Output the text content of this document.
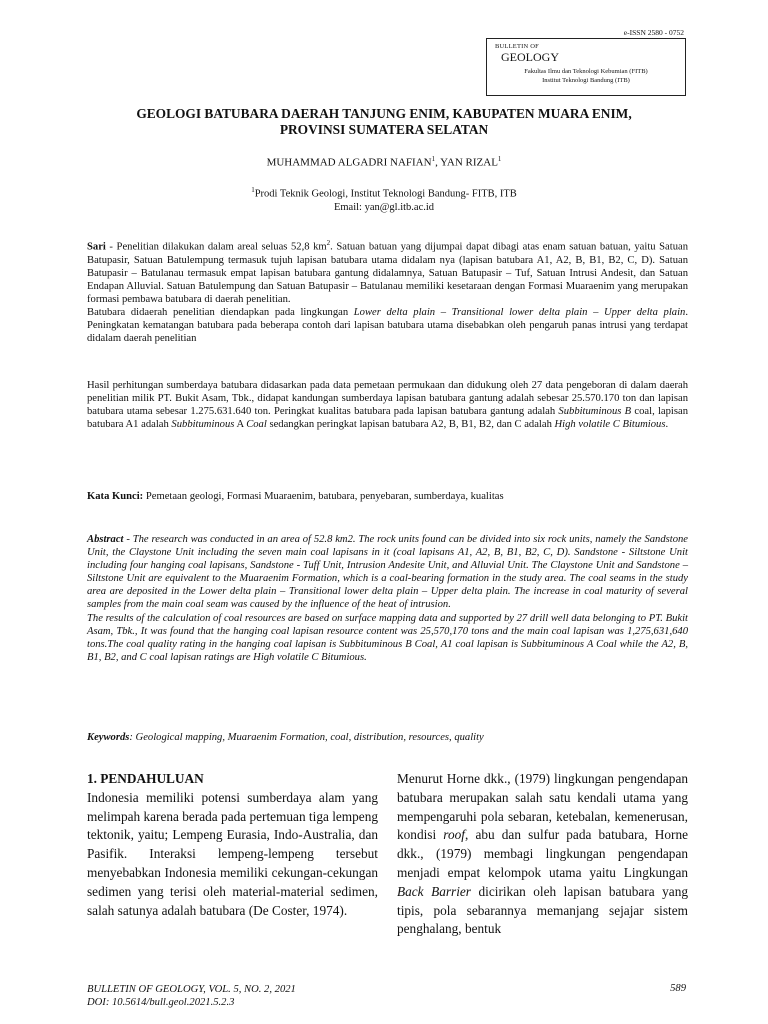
e-ISSN 2580 - 0752
BULLETIN OF
GEOLOGY
Fakultas Ilmu dan Teknologi Kebumian (FITB)
Institut Teknologi Bandung (ITB)
GEOLOGI BATUBARA DAERAH TANJUNG ENIM, KABUPATEN MUARA ENIM,
PROVINSI SUMATERA SELATAN
MUHAMMAD ALGADRI NAFIAN$^1$, YAN RIZAL$^1$
$^1$Prodi Teknik Geologi, Institut Teknologi Bandung- FITB, ITB
Email: yan@gl.itb.ac.id

Sari - Penelitian dilakukan dalam areal seluas 52,8 $km^2$. Satuan batuan yang dijumpai dapat dibagi atas enam satuan batuan, yaitu Satuan Batupasir, Satuan Batulempung termasuk tujuh lapisan batubara utama didalam nya (lapisan batubara A1, A2, B, B1, B2, C, D). Satuan Batupasir – Batulanau termasuk empat lapisan batubara gantung didalamnya, Satuan Batupasir – Tuf, Satuan Intrusi Andesit, dan Satuan Endapan Alluvial. Satuan Batulempung dan Satuan Batupasir – Batulanau memiliki kesetaraan dengan Formasi Muaraenim yang merupakan formasi pembawa batubara di daerah penelitian.

Batubara didaerah penelitian diendapkan pada lingkungan Lower delta plain – Transitional lower delta plain – Upper delta plain. Peningkatan kematangan batubara pada beberapa contoh dari lapisan batubara utama disebabkan oleh pengaruh panas intrusi yang terdapat didalam daerah penelitian

Hasil perhitungan sumberdaya batubara didasarkan pada data pemetaan permukaan dan didukung oleh 27 data pengeboran di dalam daerah penelitian milik PT. Bukit Asam, Tbk., didapat kandungan sumberdaya lapisan batubara gantung adalah sebesar 25.570.170 ton dan lapisan batubara utama sebesar 1.275.631.640 ton. Peringkat kualitas batubara pada lapisan batubara gantung adalah Subbituminous B coal, lapisan batubara A1 adalah Subbituminous A Coal sedangkan peringkat lapisan batubara A2, B, B1, B2, dan C adalah High volatile C Bitumious.

Kata Kunci: Pemetaan geologi, Formasi Muaraenim, batubara, penyebaran, sumberdaya, kualitas

Abstract - The research was conducted in an area of 52.8 km2. The rock units found can be divided into six rock units, namely the Sandstone Unit, the Claystone Unit including the seven main coal lapisans in it (coal lapisans A1, A2, B, B1, B2, C, D). Sandstone - Siltstone Unit including four hanging coal lapisans, Sandstone - Tuff Unit, Intrusion Andesite Unit, and Alluvial Unit. The Claystone Unit and Sandstone – Siltstone Unit are equivalent to the Muaraenim Formation, which is a coal-bearing formation in the study area. The coal seams in the study area are deposited in the Lower delta plain – Transitional lower delta plain – Upper delta plain. The increase in coal maturity of several samples from the main coal seam was caused by the influence of the heat of intrusion.

The results of the calculation of coal resources are based on surface mapping data and supported by 27 drill well data belonging to PT. Bukit Asam, Tbk., It was found that the hanging coal lapisan resource content was 25,570,170 tons and the main coal lapisan was 1,275,631,640 tons.The coal quality rating in the hanging coal lapisan is Subbituminous B Coal, A1 coal lapisan is Subbituminous A Coal while the A2, B, B1, B2, and C coal lapisan ratings are High volatile C Bitumious.

Keywords: Geological mapping, Muaraenim Formation, coal, distribution, resources, quality

1. PENDAHULUAN
Indonesia memiliki potensi sumberdaya alam yang melimpah karena berada pada pertemuan tiga lempeng tektonik, yaitu; Lempeng Eurasia, Indo-Australia, dan Pasifik. Interaksi lempeng-lempeng tersebut menyebabkan Indonesia memiliki cekungan-cekungan sedimen yang terisi oleh material-material sedimen, salah satunya adalah batubara (De Coster, 1974).
Menurut Horne dkk., (1979) lingkungan pengendapan batubara merupakan salah satu kendali utama yang mempengaruhi pola sebaran, ketebalan, kemenerusan, kondisi roof, abu dan sulfur pada batubara, Horne dkk., (1979) membagi lingkungan pengendapan menjadi empat kelompok utama yaitu Lingkungan Back Barrier dicirikan oleh lapisan batubara yang tipis, pola sebarannya memanjang sejajar sistem penghalang, bentuk
BULLETIN OF GEOLOGY, VOL. 5, NO. 2, 2021
DOI: 10.5614/bull.geol.2021.5.2.3
589
